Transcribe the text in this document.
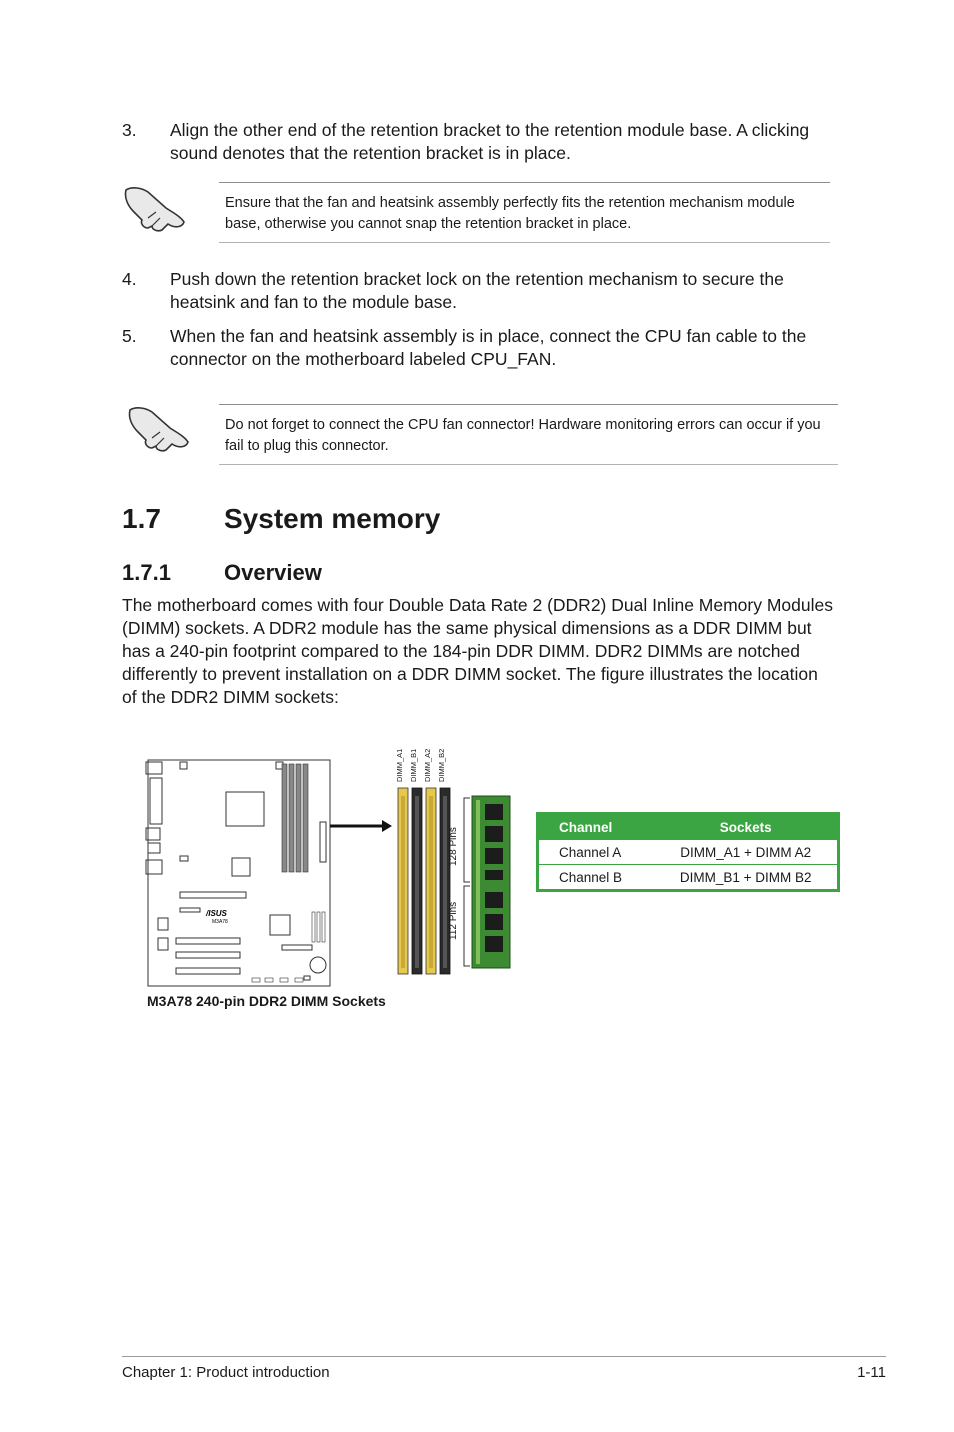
3. Align the other end of the retention bracket to the retention module base. A clicking sound denotes that the retention bracket is in place.
Ensure that the fan and heatsink assembly perfectly fits the retention mechanism module base, otherwise you cannot snap the retention bracket in place.
4. Push down the retention bracket lock on the retention mechanism to secure the heatsink and fan to the module base.
5. When the fan and heatsink assembly is in place, connect the CPU fan cable to the connector on the motherboard labeled CPU_FAN.
Do not forget to connect the CPU fan connector! Hardware monitoring errors can occur if you fail to plug this connector.
1.7 System memory
1.7.1 Overview
The motherboard comes with four Double Data Rate 2 (DDR2) Dual Inline Memory Modules (DIMM) sockets. A DDR2 module has the same physical dimensions as a DDR DIMM but has a 240-pin footprint compared to the 184-pin DDR DIMM. DDR2 DIMMs are notched differently to prevent installation on a DDR DIMM socket. The figure illustrates the location of the DDR2 DIMM sockets:
/ISUS
M3A78
DIMM_A1 DIMM_B1 DIMM_A2 DIMM_B2
128 Pins
112 Pins
Channel	Sockets
Channel A	DIMM_A1 + DIMM A2
Channel B	DIMM_B1 + DIMM B2
M3A78 240-pin DDR2 DIMM Sockets
Chapter 1: Product introduction	1-11
